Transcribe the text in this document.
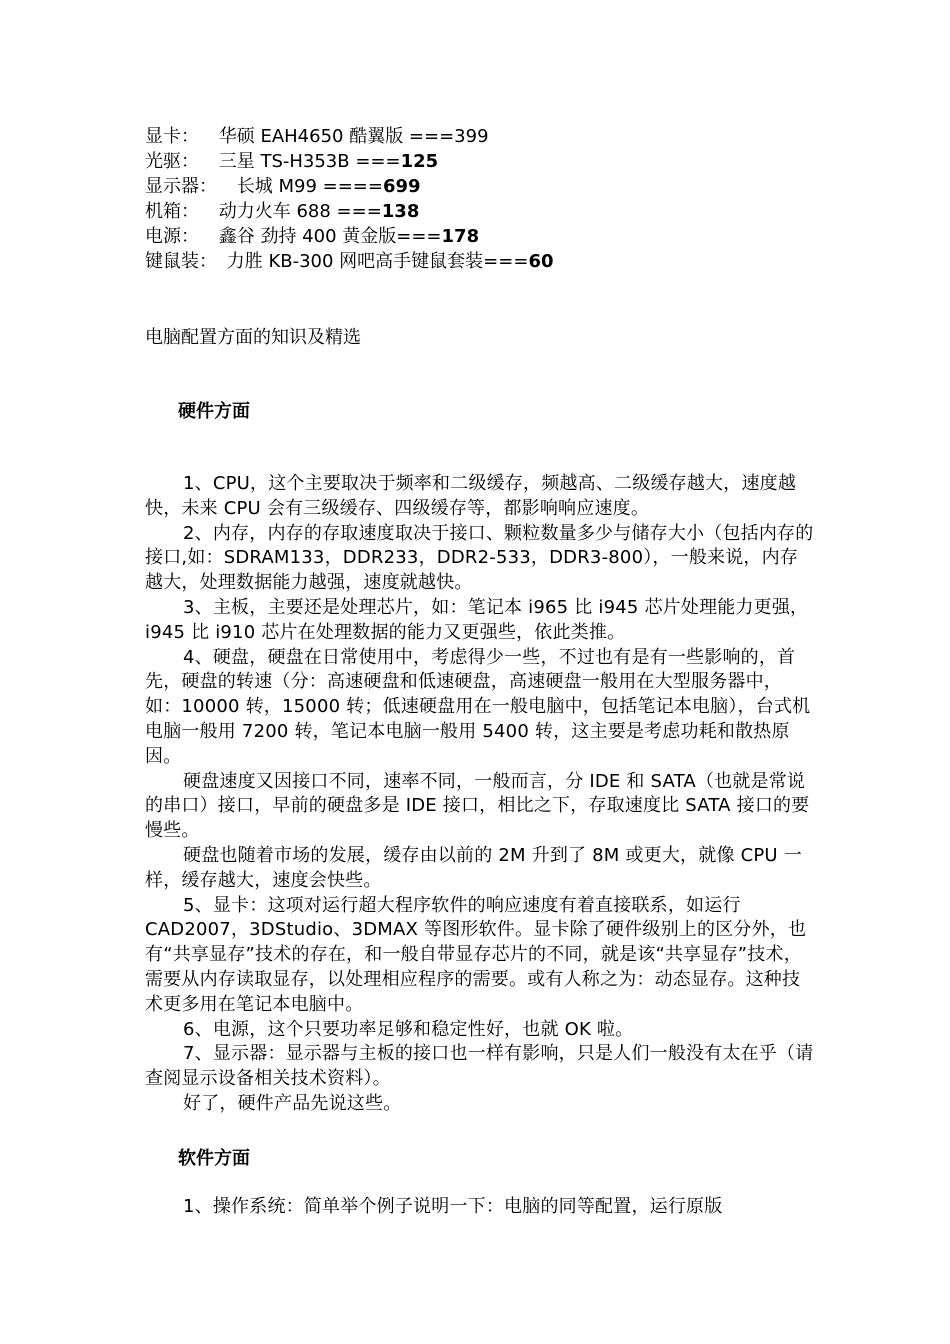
显卡： 华硕 EAH4650 酷翼版 ===399
光驱： 三星 TS-H353B ===125
显示器： 长城 M99 ====699
机箱： 动力火车 688 ===138
电源： 鑫谷 劲持 400 黄金版===178
键鼠装： 力胜 KB-300 网吧高手键鼠套装===60
电脑配置方面的知识及精选
硬件方面

1、CPU，这个主要取决于频率和二级缓存，频越高、二级缓存越大，速度越快，未来 CPU 会有三级缓存、四级缓存等，都影响响应速度。

2、内存，内存的存取速度取决于接口、颗粒数量多少与储存大小（包括内存的接口,如：SDRAM133，DDR233，DDR2-533，DDR3-800），一般来说，内存越大，处理数据能力越强，速度就越快。

3、主板，主要还是处理芯片，如：笔记本 i965 比 i945 芯片处理能力更强，i945 比 i910 芯片在处理数据的能力又更强些，依此类推。

4、硬盘，硬盘在日常使用中，考虑得少一些，不过也有是有一些影响的，首先，硬盘的转速（分：高速硬盘和低速硬盘，高速硬盘一般用在大型服务器中，如：10000 转，15000 转；低速硬盘用在一般电脑中，包括笔记本电脑），台式机电脑一般用 7200 转，笔记本电脑一般用 5400 转，这主要是考虑功耗和散热原因。

硬盘速度又因接口不同，速率不同，一般而言，分 IDE 和 SATA（也就是常说的串口）接口，早前的硬盘多是 IDE 接口，相比之下，存取速度比 SATA 接口的要慢些。

硬盘也随着市场的发展，缓存由以前的 2M 升到了 8M 或更大，就像 CPU 一样，缓存越大，速度会快些。

5、显卡：这项对运行超大程序软件的响应速度有着直接联系，如运行 CAD2007，3DStudio、3DMAX 等图形软件。显卡除了硬件级别上的区分外，也有“共享显存”技术的存在，和一般自带显存芯片的不同，就是该“共享显存”技术，需要从内存读取显存，以处理相应程序的需要。或有人称之为：动态显存。这种技术更多用在笔记本电脑中。

6、电源，这个只要功率足够和稳定性好，也就 OK 啦。

7、显示器：显示器与主板的接口也一样有影响，只是人们一般没有太在乎（请查阅显示设备相关技术资料）。

好了，硬件产品先说这些。

软件方面

1、操作系统：简单举个例子说明一下：电脑的同等配置，运行原版
